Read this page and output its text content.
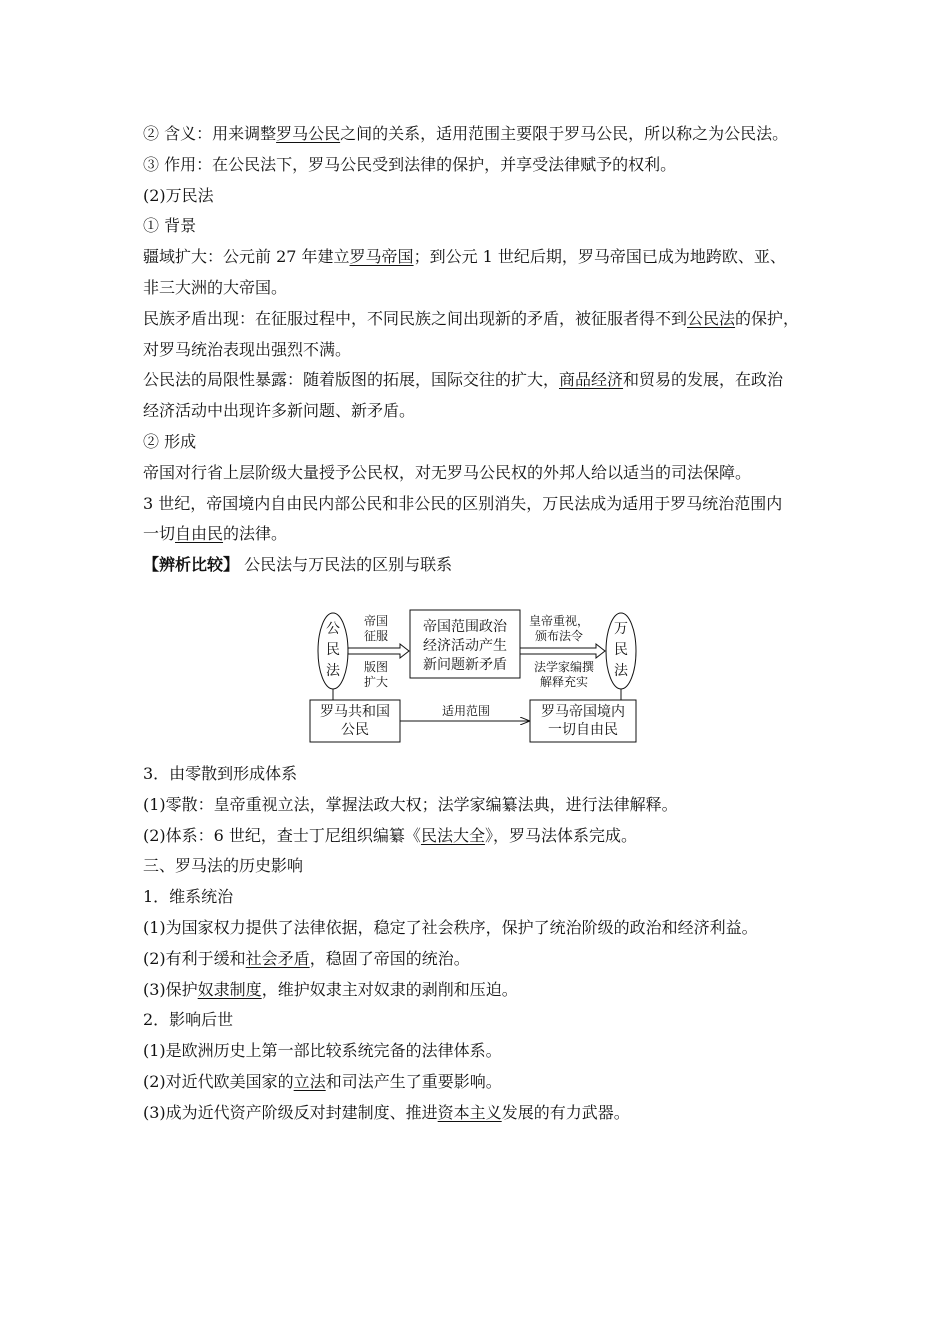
② 含义：用来调整罗马公民之间的关系，适用范围主要限于罗马公民，所以称之为公民法。
③ 作用：在公民法下，罗马公民受到法律的保护，并享受法律赋予的权利。
(2)万民法
① 背景
疆域扩大：公元前 27 年建立罗马帝国；到公元 1 世纪后期，罗马帝国已成为地跨欧、亚、
非三大洲的大帝国。
民族矛盾出现：在征服过程中，不同民族之间出现新的矛盾，被征服者得不到公民法的保护，
对罗马统治表现出强烈不满。
公民法的局限性暴露：随着版图的拓展，国际交往的扩大，商品经济和贸易的发展，在政治
经济活动中出现许多新问题、新矛盾。
② 形成
帝国对行省上层阶级大量授予公民权，对无罗马公民权的外邦人给以适当的司法保障。
3 世纪，帝国境内自由民内部公民和非公民的区别消失，万民法成为适用于罗马统治范围内
一切自由民的法律。
【辨析比较】 公民法与万民法的区别与联系
公
民
法
万
民
法
帝国范围政治
经济活动产生
新问题新矛盾
罗马共和国
公民
罗马帝国境内
一切自由民
帝国
征服
版图
扩大
皇帝重视，
颁布法令
法学家编撰
解释充实
适用范围
3．由零散到形成体系
(1)零散：皇帝重视立法，掌握法政大权；法学家编纂法典，进行法律解释。
(2)体系：6 世纪，查士丁尼组织编纂《民法大全》，罗马法体系完成。
三、罗马法的历史影响
1．维系统治
(1)为国家权力提供了法律依据，稳定了社会秩序，保护了统治阶级的政治和经济利益。
(2)有利于缓和社会矛盾，稳固了帝国的统治。
(3)保护奴隶制度，维护奴隶主对奴隶的剥削和压迫。
2．影响后世
(1)是欧洲历史上第一部比较系统完备的法律体系。
(2)对近代欧美国家的立法和司法产生了重要影响。
(3)成为近代资产阶级反对封建制度、推进资本主义发展的有力武器。
